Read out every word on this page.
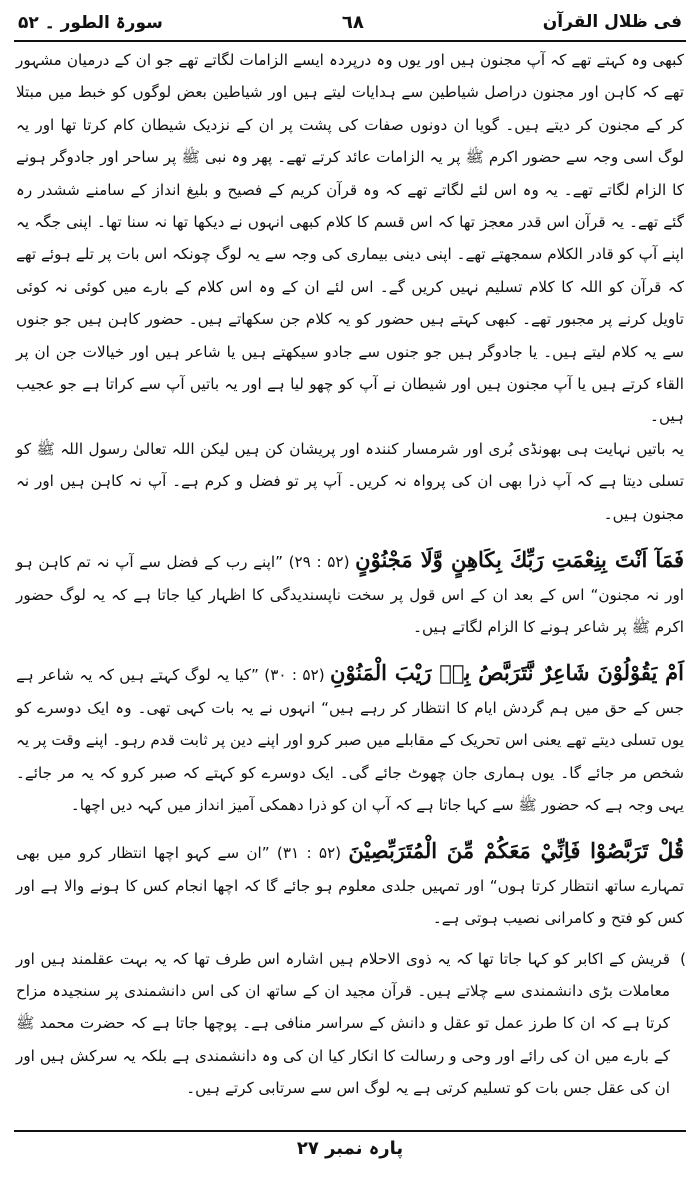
فی ظلال القرآن
٦٨
سورۃ الطور ۔ ۵۲

کبھی وہ کہتے تھے کہ آپ مجنون ہیں اور یوں وہ درپردہ ایسے الزامات لگاتے تھے جو ان کے درمیان مشہور تھے کہ کاہن اور مجنون دراصل شیاطین سے ہدایات لیتے ہیں اور شیاطین بعض لوگوں کو خبط میں مبتلا کر کے مجنون کر دیتے ہیں۔ گویا ان دونوں صفات کی پشت پر ان کے نزدیک شیطان کام کرتا تھا اور یہ لوگ اسی وجہ سے حضور اکرم ﷺ پر یہ الزامات عائد کرتے تھے۔ پھر وہ نبی ﷺ پر ساحر اور جادوگر ہونے کا الزام لگاتے تھے۔ یہ وہ اس لئے لگاتے تھے کہ وہ قرآن کریم کے فصیح و بلیغ انداز کے سامنے ششدر رہ گئے تھے۔ یہ قرآن اس قدر معجز تھا کہ اس قسم کا کلام کبھی انہوں نے دیکھا تھا نہ سنا تھا۔ اپنی جگہ یہ اپنے آپ کو قادر الکلام سمجھتے تھے۔ اپنی دینی بیماری کی وجہ سے یہ لوگ چونکہ اس بات پر تلے ہوئے تھے کہ قرآن کو اللہ کا کلام تسلیم نہیں کریں گے۔ اس لئے ان کے وہ اس کلام کے بارے میں کوئی نہ کوئی تاویل کرنے پر مجبور تھے۔ کبھی کہتے ہیں حضور کو یہ کلام جن سکھاتے ہیں۔ حضور کاہن ہیں جو جنوں سے یہ کلام لیتے ہیں۔ یا جادوگر ہیں جو جنوں سے جادو سیکھتے ہیں یا شاعر ہیں اور خیالات جن ان پر القاء کرتے ہیں یا آپ مجنون ہیں اور شیطان نے آپ کو چھو لیا ہے اور یہ باتیں آپ سے کراتا ہے جو عجیب ہیں۔

یہ باتیں نہایت ہی بھونڈی بُری اور شرمسار کنندہ اور پریشان کن ہیں لیکن اللہ تعالیٰ رسول اللہ ﷺ کو تسلی دیتا ہے کہ آپ ذرا بھی ان کی پرواہ نہ کریں۔ آپ پر تو فضل و کرم ہے۔ آپ نہ کاہن ہیں اور نہ مجنون ہیں۔

فَمَآ اَنْتَ بِنِعْمَتِ رَبِّكَ بِكَاهِنٍ وَّلَا مَجْنُوْنٍ (۵۲ : ۲۹) ”اپنے رب کے فضل سے آپ نہ تم کاہن ہو اور نہ مجنون“ اس کے بعد ان کے اس قول پر سخت ناپسندیدگی کا اظہار کیا جاتا ہے کہ یہ لوگ حضور اکرم ﷺ پر شاعر ہونے کا الزام لگاتے ہیں۔

اَمْ يَقُوْلُوْنَ شَاعِرٌ نَّتَرَبَّصُ بِهٖ رَيْبَ الْمَنُوْنِ (۵۲ : ۳۰) ”کیا یہ لوگ کہتے ہیں کہ یہ شاعر ہے جس کے حق میں ہم گردش ایام کا انتظار کر رہے ہیں“ انہوں نے یہ بات کہی تھی۔ وہ ایک دوسرے کو یوں تسلی دیتے تھے یعنی اس تحریک کے مقابلے میں صبر کرو اور اپنے دین پر ثابت قدم رہو۔ اپنے وقت پر یہ شخص مر جائے گا۔ یوں ہماری جان چھوٹ جائے گی۔ ایک دوسرے کو کہتے کہ صبر کرو کہ یہ مر جائے۔ یہی وجہ ہے کہ حضور ﷺ سے کہا جاتا ہے کہ آپ ان کو ذرا دھمکی آمیز انداز میں کہہ دیں اچھا۔

قُلْ تَرَبَّصُوْا فَاِنِّيْ مَعَكُمْ مِّنَ الْمُتَرَبِّصِيْنَ (۵۲ : ۳۱) ”ان سے کہو اچھا انتظار کرو میں بھی تمہارے ساتھ انتظار کرتا ہوں“ اور تمہیں جلدی معلوم ہو جائے گا کہ اچھا انجام کس کا ہونے والا ہے اور کس کو فتح و کامرانی نصیب ہوتی ہے۔

)

قریش کے اکابر کو کہا جاتا تھا کہ یہ ذوی الاحلام ہیں اشارہ اس طرف تھا کہ یہ بہت عقلمند ہیں اور معاملات بڑی دانشمندی سے چلاتے ہیں۔ قرآن مجید ان کے ساتھ ان کی اس دانشمندی پر سنجیدہ مزاح کرتا ہے کہ ان کا طرز عمل تو عقل و دانش کے سراسر منافی ہے۔ پوچھا جاتا ہے کہ حضرت محمد ﷺ کے بارے میں ان کی رائے اور وحی و رسالت کا انکار کیا ان کی وہ دانشمندی ہے بلکہ یہ سرکش ہیں اور ان کی عقل جس بات کو تسلیم کرتی ہے یہ لوگ اس سے سرتابی کرتے ہیں۔

پارہ نمبر ۲۷
